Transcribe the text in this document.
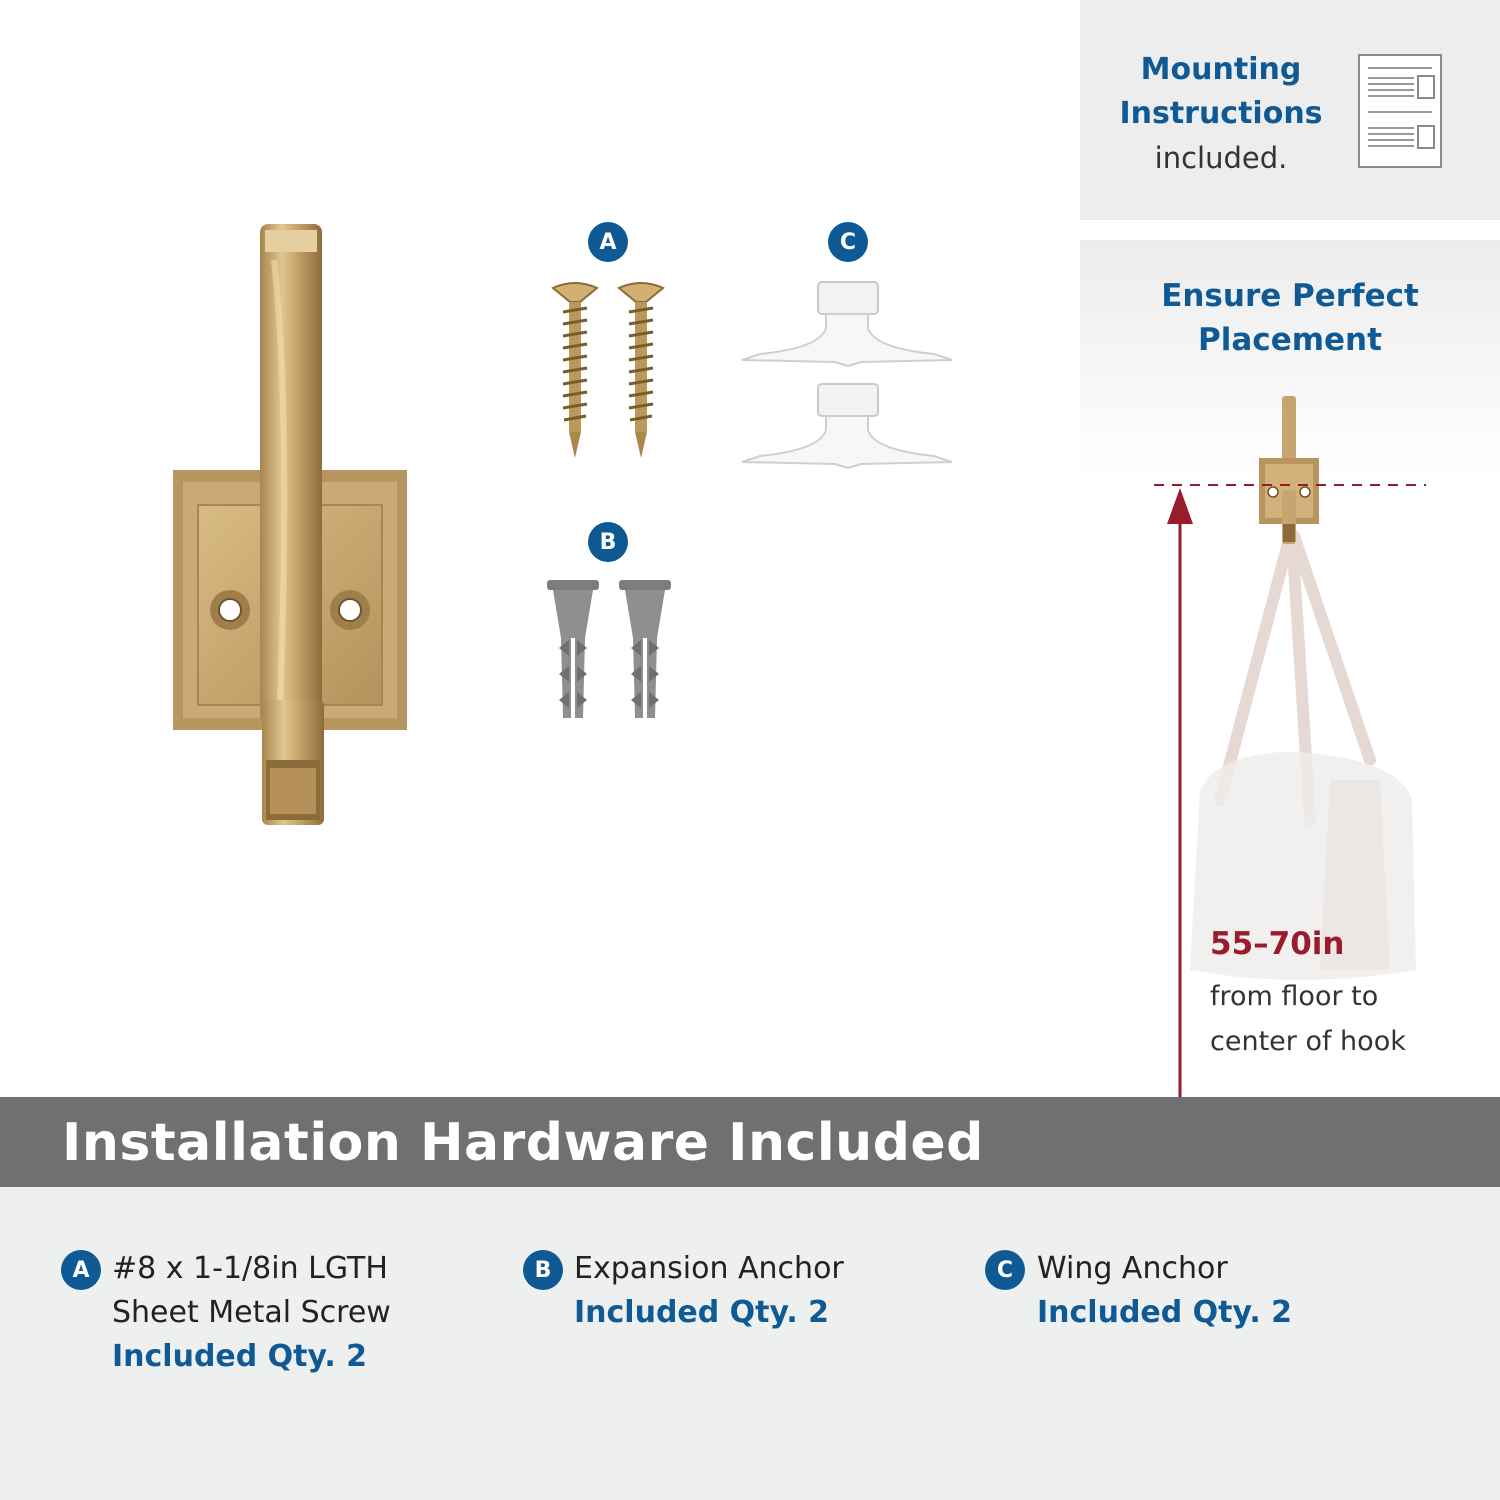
A	C
B
Mounting
Instructions
included.
Ensure Perfect
Placement
55–70in
from floor to
center of hook
Installation Hardware Included
A #8 x 1-1/8in LGTH
Sheet Metal Screw
Included Qty. 2
B Expansion Anchor
Included Qty. 2
C Wing Anchor
Included Qty. 2
